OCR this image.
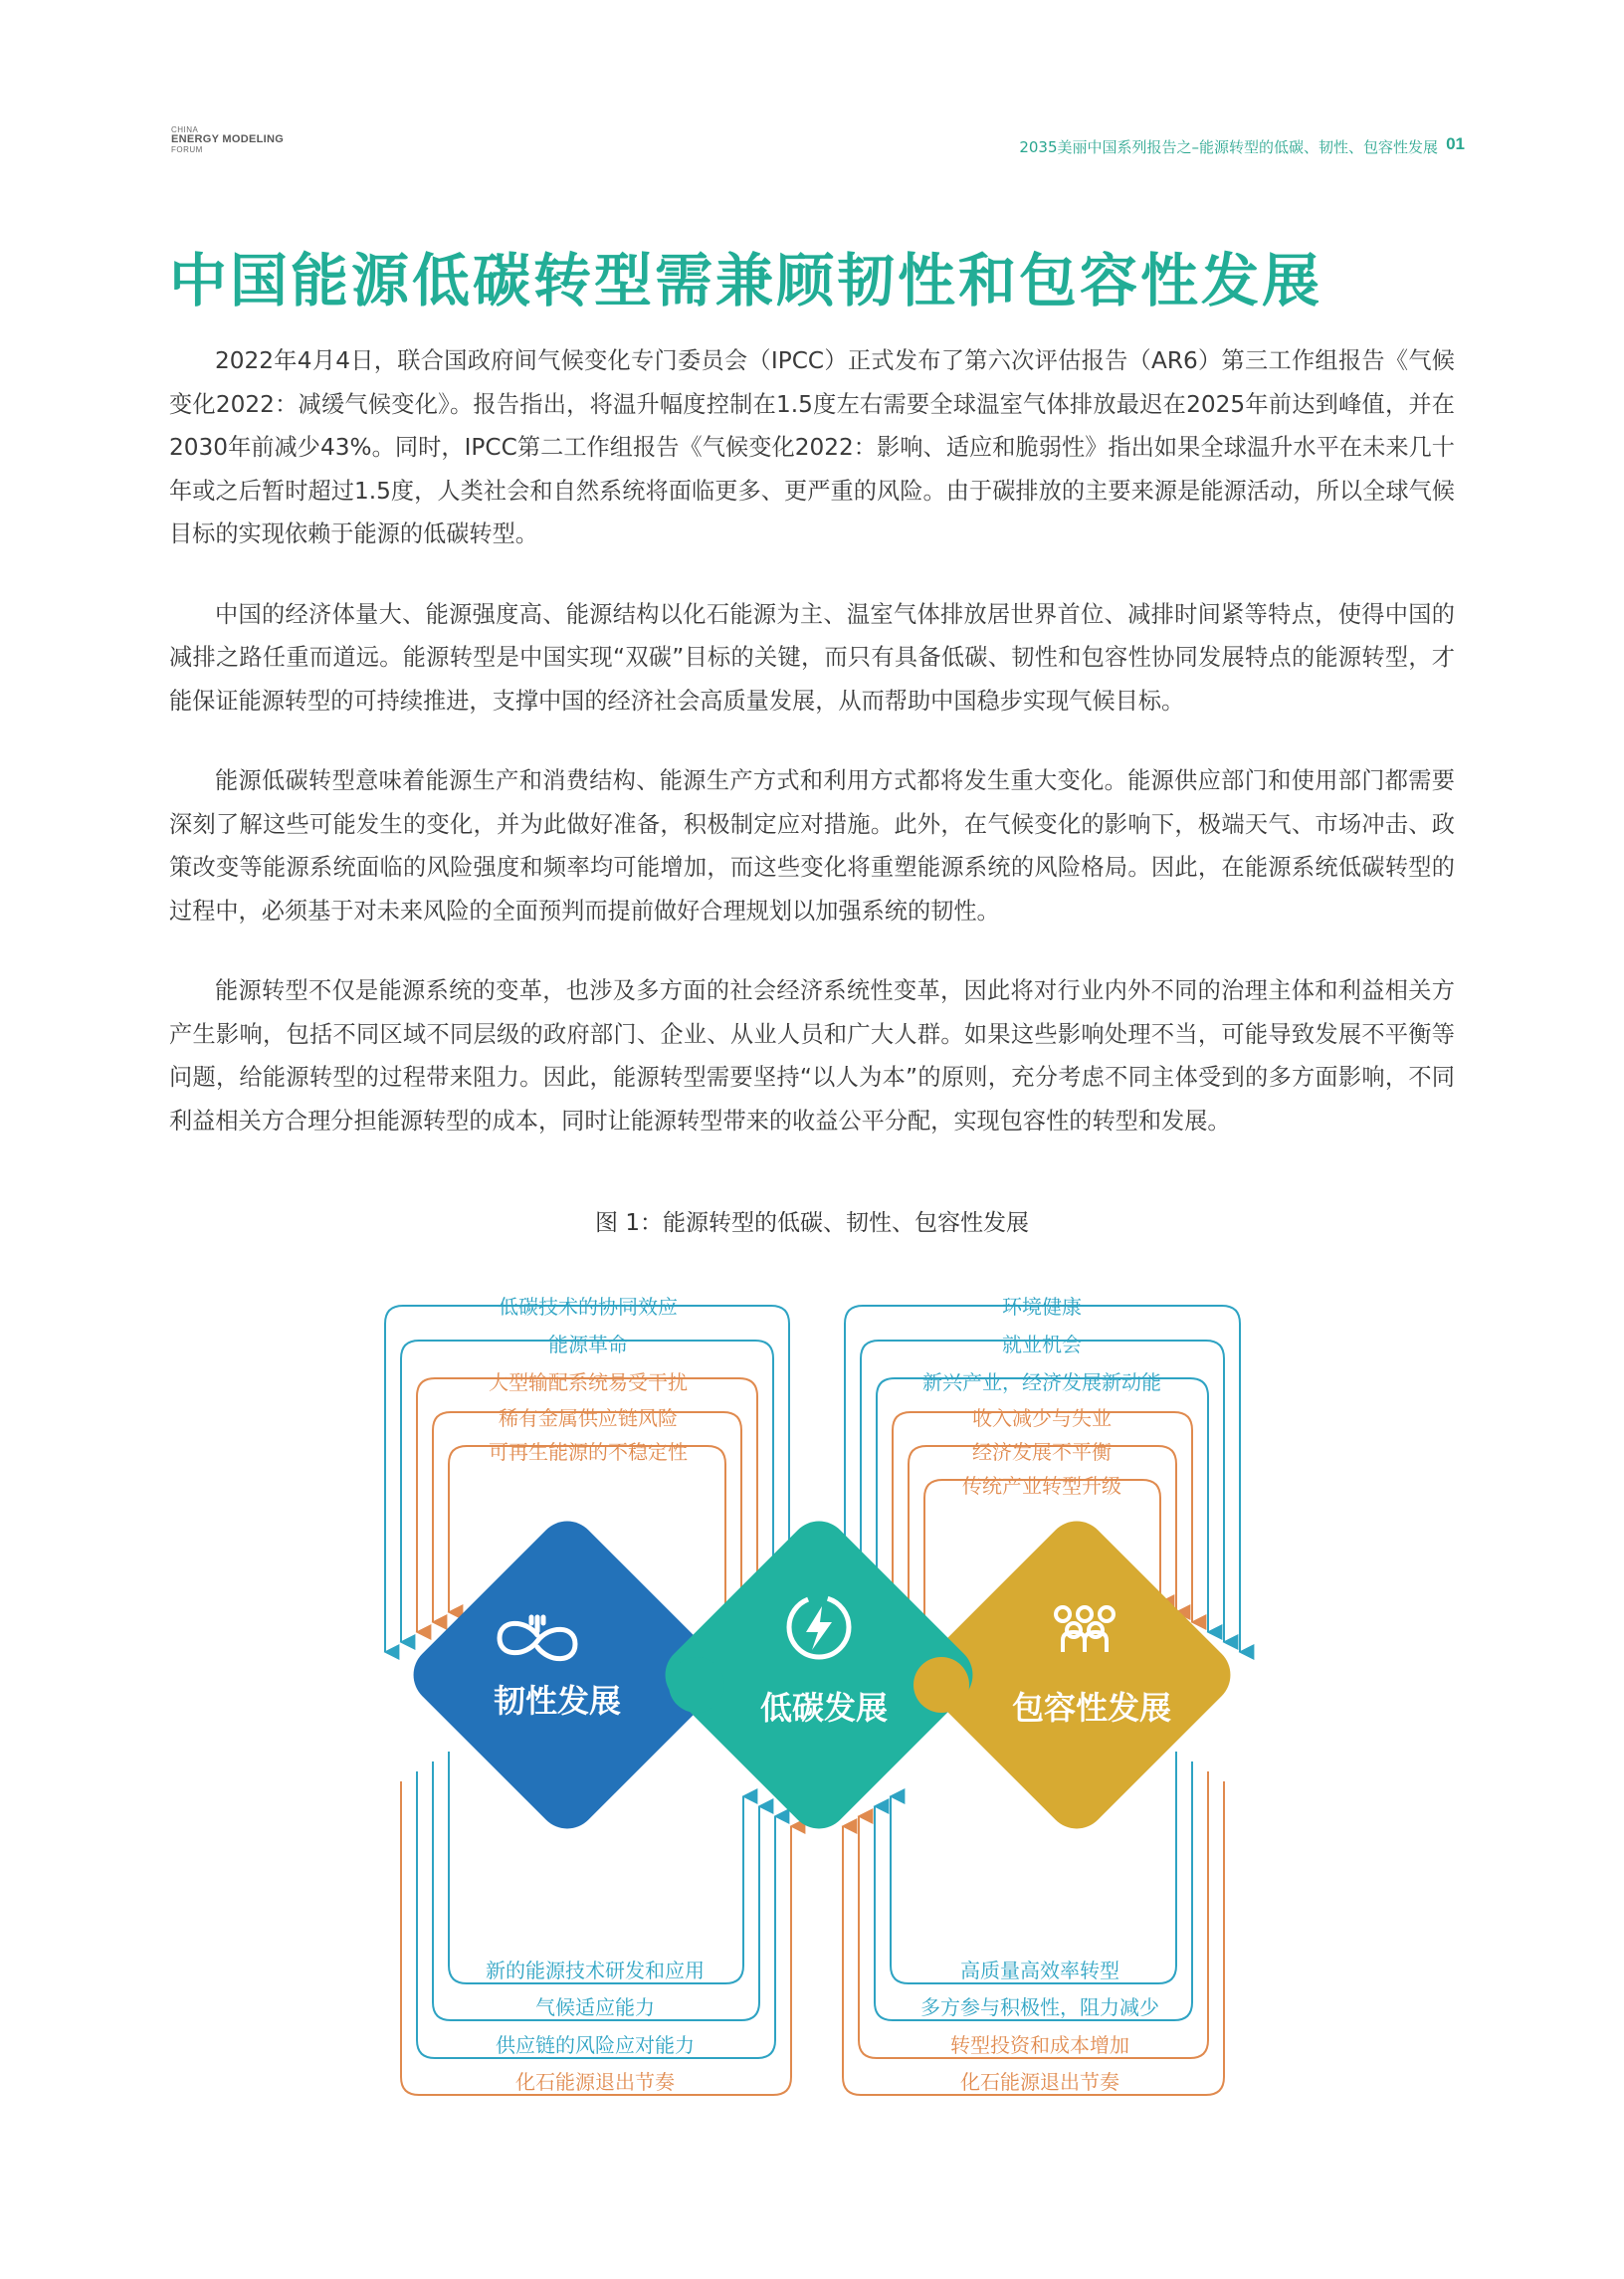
CHINA
ENERGY MODELING
FORUM	2035美丽中国系列报告之–能源转型的低碳、韧性、包容性发展 01
中国能源低碳转型需兼顾韧性和包容性发展

2022年4月4日，联合国政府间气候变化专门委员会（IPCC）正式发布了第六次评估报告（AR6）第三工作组报告《气候变化2022：减缓气候变化》。报告指出，将温升幅度控制在1.5度左右需要全球温室气体排放最迟在2025年前达到峰值，并在2030年前减少43%。同时，IPCC第二工作组报告《气候变化2022：影响、适应和脆弱性》指出如果全球温升水平在未来几十年或之后暂时超过1.5度，人类社会和自然系统将面临更多、更严重的风险。由于碳排放的主要来源是能源活动，所以全球气候目标的实现依赖于能源的低碳转型。

中国的经济体量大、能源强度高、能源结构以化石能源为主、温室气体排放居世界首位、减排时间紧等特点，使得中国的减排之路任重而道远。能源转型是中国实现“双碳”目标的关键，而只有具备低碳、韧性和包容性协同发展特点的能源转型，才能保证能源转型的可持续推进，支撑中国的经济社会高质量发展，从而帮助中国稳步实现气候目标。

能源低碳转型意味着能源生产和消费结构、能源生产方式和利用方式都将发生重大变化。能源供应部门和使用部门都需要深刻了解这些可能发生的变化，并为此做好准备，积极制定应对措施。此外，在气候变化的影响下，极端天气、市场冲击、政策改变等能源系统面临的风险强度和频率均可能增加，而这些变化将重塑能源系统的风险格局。因此，在能源系统低碳转型的过程中，必须基于对未来风险的全面预判而提前做好合理规划以加强系统的韧性。

能源转型不仅是能源系统的变革，也涉及多方面的社会经济系统性变革，因此将对行业内外不同的治理主体和利益相关方产生影响，包括不同区域不同层级的政府部门、企业、从业人员和广大人群。如果这些影响处理不当，可能导致发展不平衡等问题，给能源转型的过程带来阻力。因此，能源转型需要坚持“以人为本”的原则，充分考虑不同主体受到的多方面影响，不同利益相关方合理分担能源转型的成本，同时让能源转型带来的收益公平分配，实现包容性的转型和发展。

图 1：能源转型的低碳、韧性、包容性发展
韧性发展	低碳发展	包容性发展
低碳技术的协同效应
能源革命
大型输配系统易受干扰
稀有金属供应链风险
可再生能源的不稳定性
环境健康
就业机会
新兴产业，经济发展新动能
收入减少与失业
经济发展不平衡
传统产业转型升级
新的能源技术研发和应用
气候适应能力
供应链的风险应对能力
化石能源退出节奏
高质量高效率转型
多方参与积极性，阻力减少
转型投资和成本增加
化石能源退出节奏
